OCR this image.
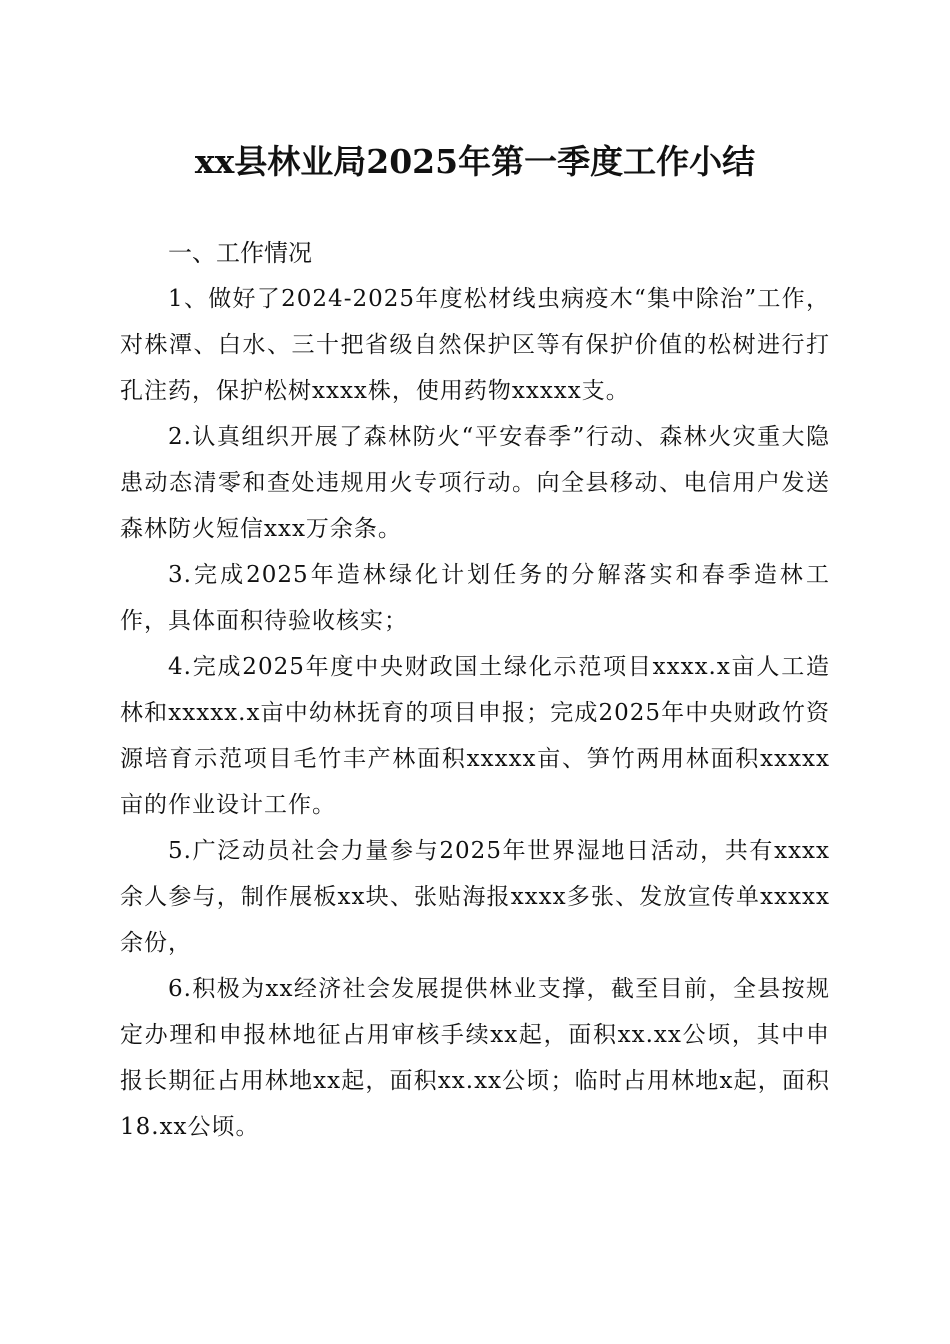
xx县林业局2025年第一季度工作小结

一、工作情况

1、做好了2024-2025年度松材线虫病疫木“集中除治”工作，对株潭、白水、三十把省级自然保护区等有保护价值的松树进行打孔注药，保护松树xxxx株，使用药物xxxxx支。

2.认真组织开展了森林防火“平安春季”行动、森林火灾重大隐患动态清零和查处违规用火专项行动。向全县移动、电信用户发送森林防火短信xxx万余条。

3.完成2025年造林绿化计划任务的分解落实和春季造林工作，具体面积待验收核实；

4.完成2025年度中央财政国土绿化示范项目xxxx.x亩人工造林和xxxxx.x亩中幼林抚育的项目申报；完成2025年中央财政竹资源培育示范项目毛竹丰产林面积xxxxx亩、笋竹两用林面积xxxxx亩的作业设计工作。

5.广泛动员社会力量参与2025年世界湿地日活动，共有xxxx余人参与，制作展板xx块、张贴海报xxxx多张、发放宣传单xxxxx余份，

6.积极为xx经济社会发展提供林业支撑，截至目前，全县按规定办理和申报林地征占用审核手续xx起，面积xx.xx公顷，其中申报长期征占用林地xx起，面积xx.xx公顷；临时占用林地x起，面积18.xx公顷。
